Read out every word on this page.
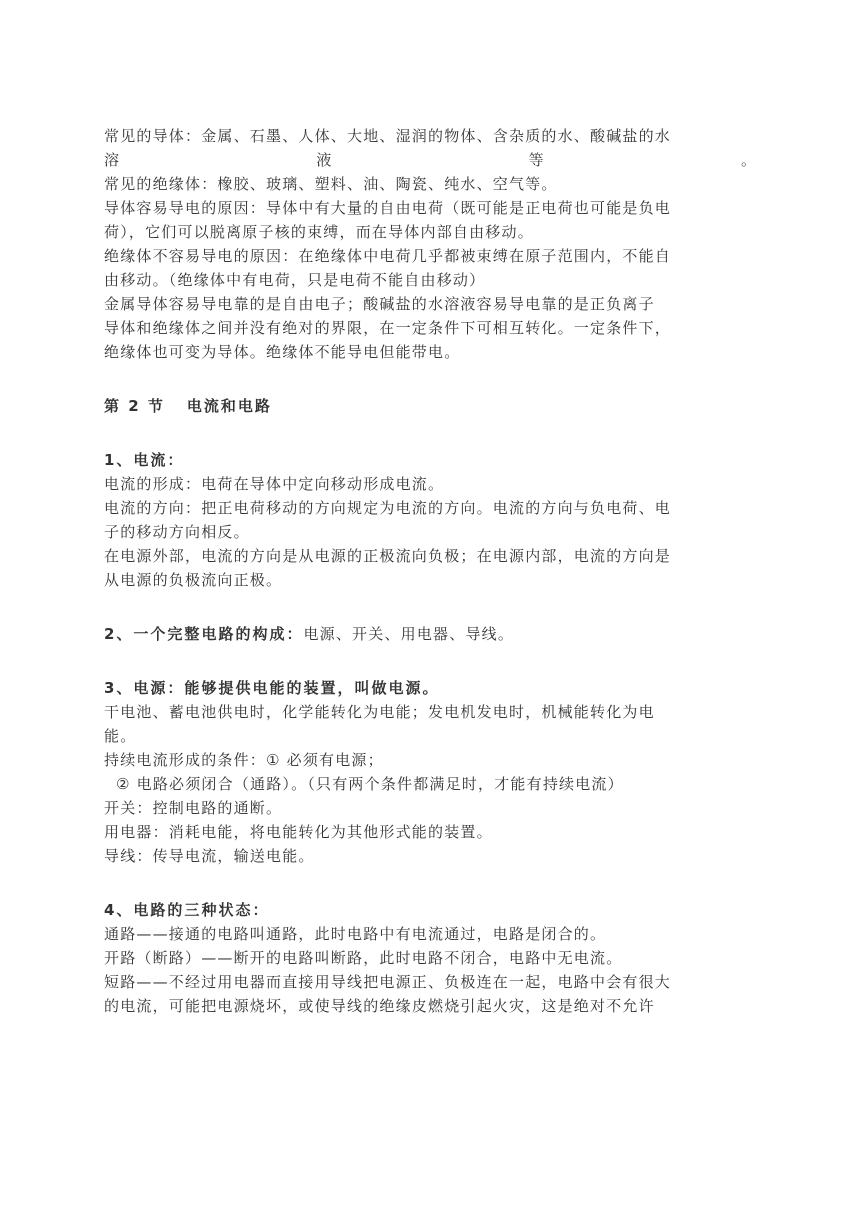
常见的导体：金属、石墨、人体、大地、湿润的物体、含杂质的水、酸碱盐的水
溶	液	等	。
常见的绝缘体：橡胶、玻璃、塑料、油、陶瓷、纯水、空气等。
导体容易导电的原因：导体中有大量的自由电荷（既可能是正电荷也可能是负电
荷），它们可以脱离原子核的束缚，而在导体内部自由移动。
绝缘体不容易导电的原因：在绝缘体中电荷几乎都被束缚在原子范围内，不能自
由移动。（绝缘体中有电荷，只是电荷不能自由移动）
金属导体容易导电靠的是自由电子；酸碱盐的水溶液容易导电靠的是正负离子
导体和绝缘体之间并没有绝对的界限，在一定条件下可相互转化。一定条件下，
绝缘体也可变为导体。绝缘体不能导电但能带电。
第 2 节 电流和电路
1、电流：
电流的形成：电荷在导体中定向移动形成电流。
电流的方向：把正电荷移动的方向规定为电流的方向。电流的方向与负电荷、电
子的移动方向相反。
在电源外部，电流的方向是从电源的正极流向负极；在电源内部，电流的方向是
从电源的负极流向正极。
2、一个完整电路的构成：电源、开关、用电器、导线。
3、电源：能够提供电能的装置，叫做电源。
干电池、蓄电池供电时，化学能转化为电能；发电机发电时，机械能转化为电
能。
持续电流形成的条件：① 必须有电源；
② 电路必须闭合（通路）。（只有两个条件都满足时，才能有持续电流）
开关：控制电路的通断。
用电器：消耗电能，将电能转化为其他形式能的装置。
导线：传导电流，输送电能。
4、电路的三种状态：
通路——接通的电路叫通路，此时电路中有电流通过，电路是闭合的。
开路（断路）——断开的电路叫断路，此时电路不闭合，电路中无电流。
短路——不经过用电器而直接用导线把电源正、负极连在一起，电路中会有很大
的电流，可能把电源烧坏，或使导线的绝缘皮燃烧引起火灾，这是绝对不允许
